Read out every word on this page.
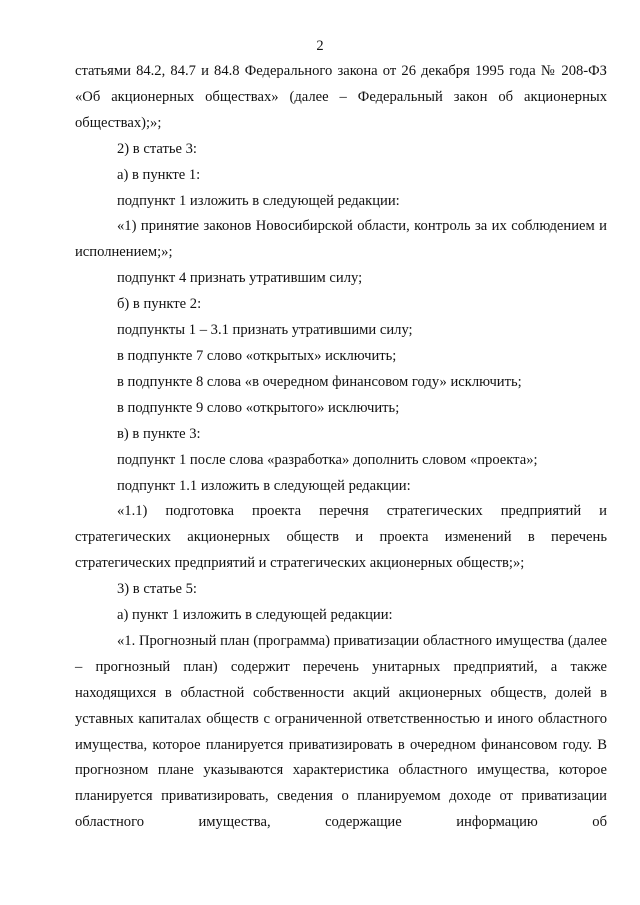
2

статьями 84.2, 84.7 и 84.8 Федерального закона от 26 декабря 1995 года № 208-ФЗ «Об акционерных обществах» (далее – Федеральный закон об акционерных обществах);»;

2) в статье 3:

а) в пункте 1:

подпункт 1 изложить в следующей редакции:

«1) принятие законов Новосибирской области, контроль за их соблюдением и исполнением;»;

подпункт 4 признать утратившим силу;

б) в пункте 2:

подпункты 1 – 3.1 признать утратившими силу;

в подпункте 7 слово «открытых» исключить;

в подпункте 8 слова «в очередном финансовом году» исключить;

в подпункте 9 слово «открытого» исключить;

в) в пункте 3:

подпункт 1 после слова «разработка» дополнить словом «проекта»;

подпункт 1.1 изложить в следующей редакции:

«1.1) подготовка проекта перечня стратегических предприятий и стратегических акционерных обществ и проекта изменений в перечень стратегических предприятий и стратегических акционерных обществ;»;

3) в статье 5:

а) пункт 1 изложить в следующей редакции:

«1. Прогнозный план (программа) приватизации областного имущества (далее – прогнозный план) содержит перечень унитарных предприятий, а также находящихся в областной собственности акций акционерных обществ, долей в уставных капиталах обществ с ограниченной ответственностью и иного областного имущества, которое планируется приватизировать в очередном финансовом году. В прогнозном плане указываются характеристика областного имущества, которое планируется приватизировать, сведения о планируемом доходе от приватизации областного имущества, содержащие информацию об
